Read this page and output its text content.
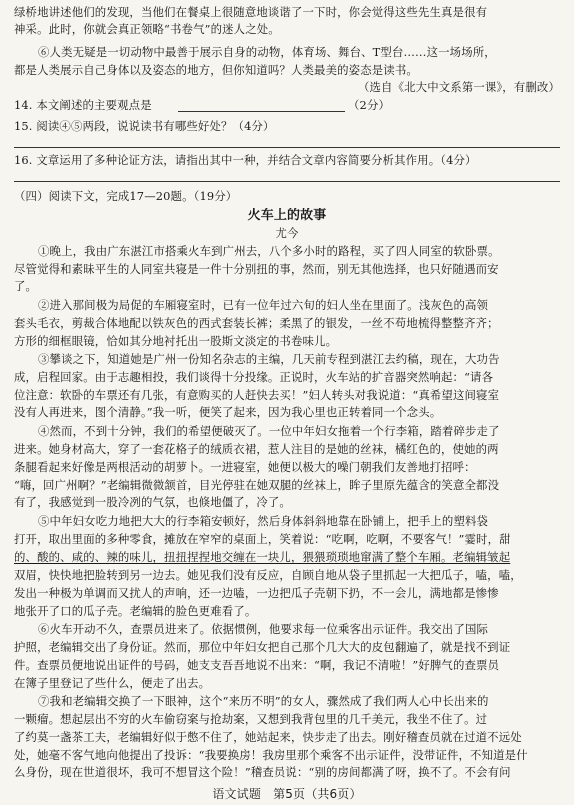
绿桥地讲述他们的发现，当他们在餐桌上很随意地谈谐了一下时，你会觉得这些先生真是很有
神采。此时，你就会真正领略“书卷气”的迷人之处。
⑥人类无疑是一切动物中最善于展示自身的动物，体育场、舞台、T型台……这一场场所，
都是人类展示自己身体以及姿态的地方，但你知道吗？人类最美的姿态是读书。
（选自《北大中文系第一课》，有删改）
14. 本文阐述的主要观点是	（2分）
15. 阅读④⑤两段，说说读书有哪些好处？（4分）
16. 文章运用了多种论证方法，请指出其中一种，并结合文章内容简要分析其作用。（4分）
（四）阅读下文，完成17—20题。（19分）
火车上的故事
尤今
①晚上，我由广东湛江市搭乘火车到广州去，八个多小时的路程，买了四人同室的软卧票。
尽管觉得和素昧平生的人同室共寝是一件十分别扭的事，然而，别无其他选择，也只好随遇而安
了。
②进入那间极为局促的车厢寝室时，已有一位年过六旬的妇人坐在里面了。浅灰色的高领
套头毛衣，剪裁合体地配以铁灰色的西式套装长裤；柔黑了的银发，一丝不苟地梳得整整齐齐；
方形的细框眼镜，恰如其分地衬托出一股斯文淡定的书卷味儿。
③攀谈之下，知道她是广州一份知名杂志的主编，几天前专程到湛江去约稿，现在，大功告
成，启程回家。由于志趣相投，我们谈得十分投缘。正说时，火车站的扩音器突然响起：“请各
位注意：软卧的车票还有几张，有意购买的人赶快去买！”妇人转头对我说道：“真希望这间寝室
没有人再进来，图个清静。”我一听，便笑了起来，因为我心里也正转着同一个念头。
④然而，不到十分钟，我们的希望便破灭了。一位中年妇女拖着一个行李箱，踏着碎步走了
进来。她身材高大，穿了一套花格子的绒质衣裙，惹人注目的是她的丝袜，橘红色的，使她的两
条腿看起来好像是两根活动的胡萝卜。一进寝室，她便以极大的噪门朝我们友善地打招呼：
“嗨，回广州啊？”老编辑微微颔首，目光停驻在她双腿的丝袜上，眸子里原先蕴含的笑意全都没
有了，我感觉到一股冷冽的气氛，也倏地僵了，冷了。
⑤中年妇女吃力地把大大的行李箱安顿好，然后身体斜斜地靠在卧铺上，把手上的塑料袋
打开，取出里面的多种零食，摊放在窄窄的桌面上，笑着说：“吃啊，吃啊，不要客气！”霎时，甜
的、酸的、咸的、辣的味儿，扭扭捏捏地交缠在一块儿，猥猥琐琐地窜满了整个车厢。老编辑皱起
双眉，快快地把脸转到另一边去。她见我们没有反应，自顾自地从袋子里抓起一大把瓜子，嗑，嗑，
发出一种极为单调而又扰人的声响，还一边嗑，一边把瓜子壳朝下扔，不一会儿，满地都是惨惨
地张开了口的瓜子壳。老编辑的脸色更难看了。
⑥火车开动不久，查票员进来了。依据惯例，他要求每一位乘客出示证件。我交出了国际
护照，老编辑交出了身份证。然而，那位中年妇女把自己那个几大大的皮包翻遍了，就是找不到证
件。查票员便地说出证件的号码，她支支吾吾地说不出来：“啊，我记不清啦！”好脾气的查票员
在簿子里登记了些什么，便走了出去。
⑦我和老编辑交换了一下眼神，这个“来历不明”的女人，骤然成了我们两人心中长出来的
一颗瘤。想起层出不穷的火车偷窃案与抢劫案，又想到我背包里的几千美元，我坐不住了。过
了约莫一盏茶工夫，老编辑好似于憋不住了，她站起来，快步走了出去。刚好稽查员就在过道不远处
处，她毫不客气地向他提出了投诉：“我要换房！我房里那个乘客不出示证件，没带证件，不知道是什
么身份，现在世道很坏，我可不想冒这个险！”稽查员说：“别的房间都满了呀，换不了。不会有问
语文试题　第5页（共6页）
